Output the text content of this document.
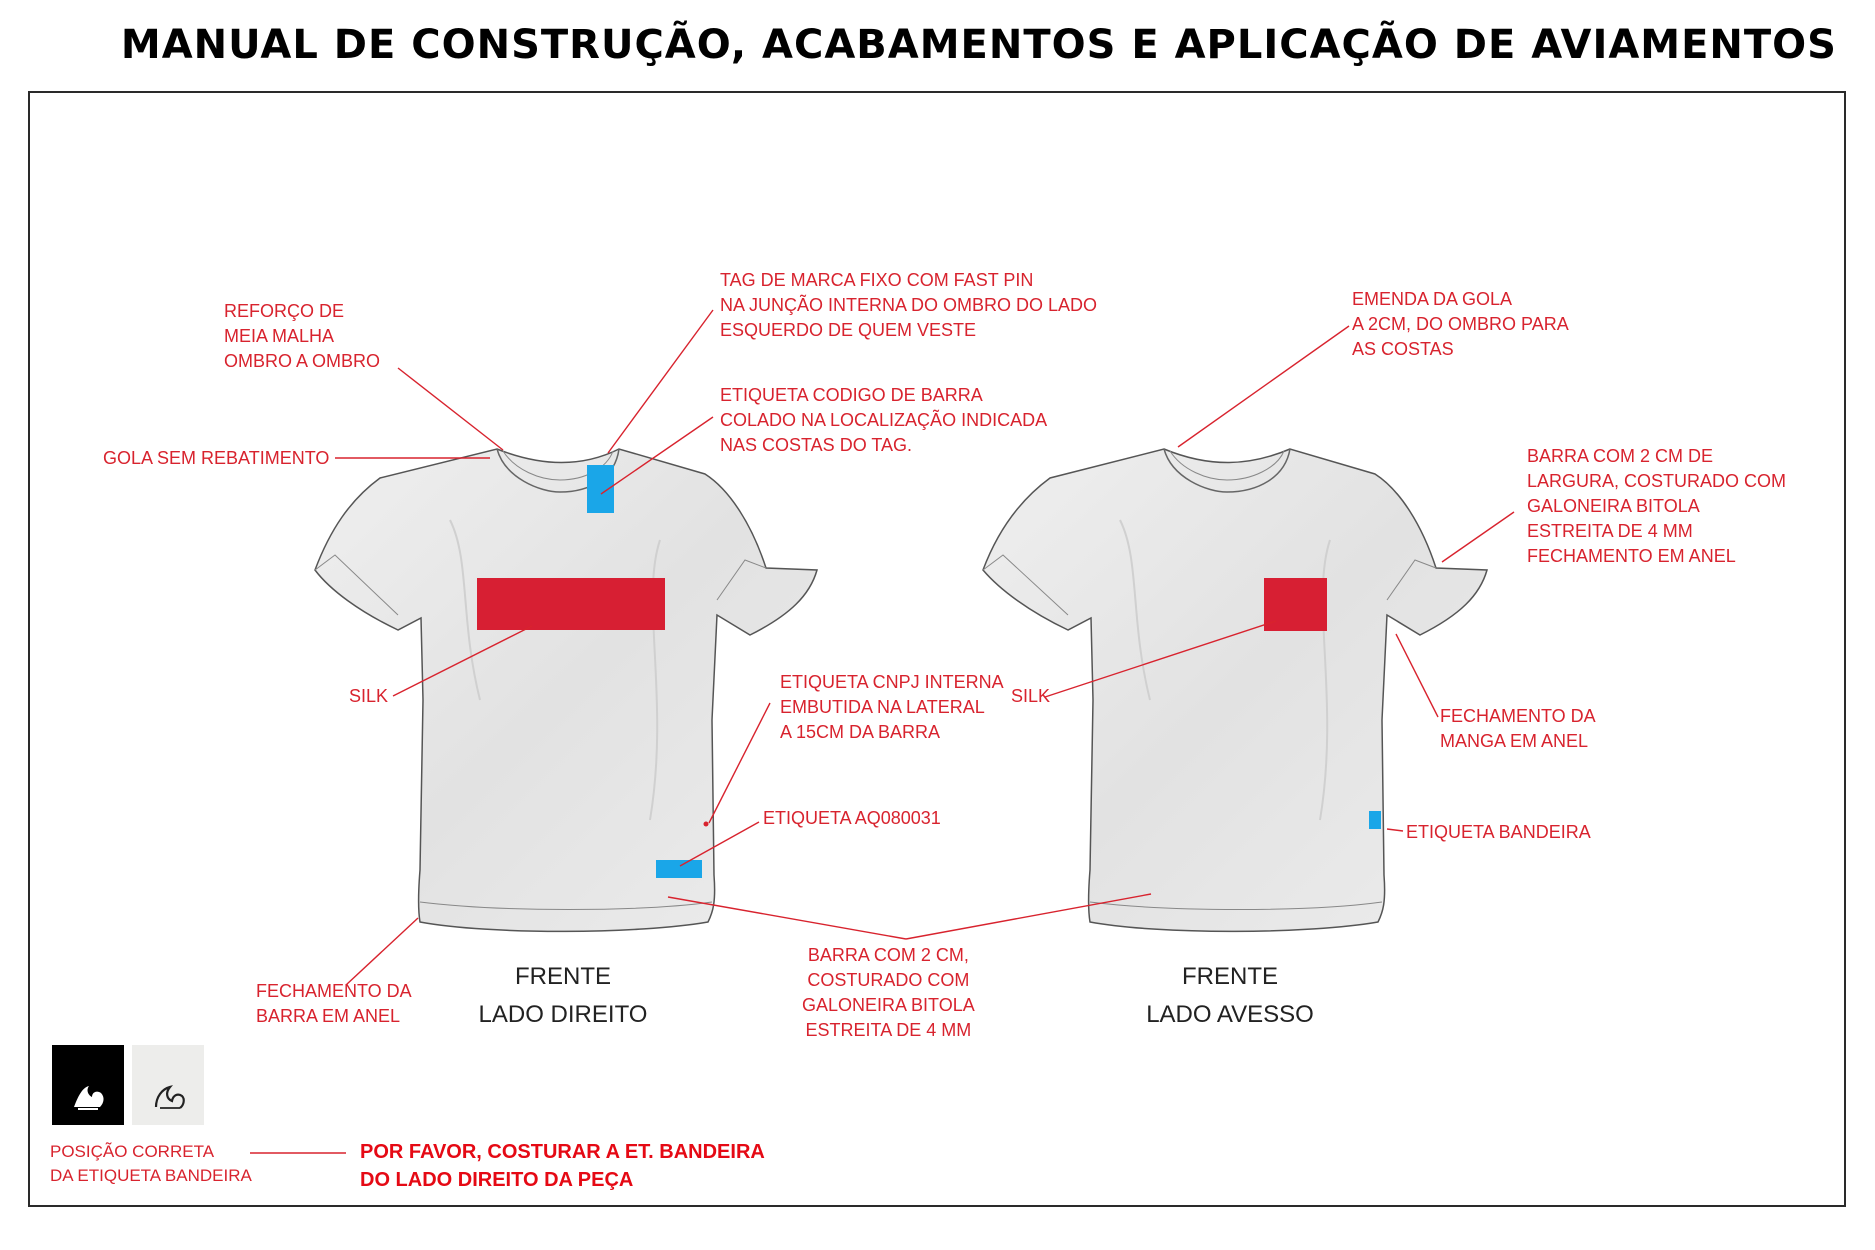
MANUAL DE CONSTRUÇÃO, ACABAMENTOS E APLICAÇÃO DE AVIAMENTOS
REFORÇO DE
MEIA MALHA
OMBRO A OMBRO
GOLA SEM REBATIMENTO
TAG DE MARCA FIXO COM FAST PIN
NA JUNÇÃO INTERNA DO OMBRO DO LADO
ESQUERDO DE QUEM VESTE
ETIQUETA CODIGO DE BARRA
COLADO NA LOCALIZAÇÃO INDICADA
NAS COSTAS DO TAG.
SILK
ETIQUETA CNPJ INTERNA
EMBUTIDA NA LATERAL
A 15CM DA BARRA
ETIQUETA AQ080031
FECHAMENTO DA
BARRA EM ANEL
FRENTE
LADO DIREITO
BARRA COM 2 CM,
COSTURADO COM
GALONEIRA BITOLA
ESTREITA DE 4 MM
EMENDA DA GOLA
A 2CM, DO OMBRO PARA
AS COSTAS
BARRA COM 2 CM DE
LARGURA, COSTURADO COM
GALONEIRA BITOLA
ESTREITA DE 4 MM
FECHAMENTO EM ANEL
SILK
FECHAMENTO DA
MANGA EM ANEL
ETIQUETA BANDEIRA
FRENTE
LADO AVESSO
POSIÇÃO CORRETA
DA ETIQUETA BANDEIRA
POR FAVOR, COSTURAR A ET. BANDEIRA
DO LADO DIREITO DA PEÇA
